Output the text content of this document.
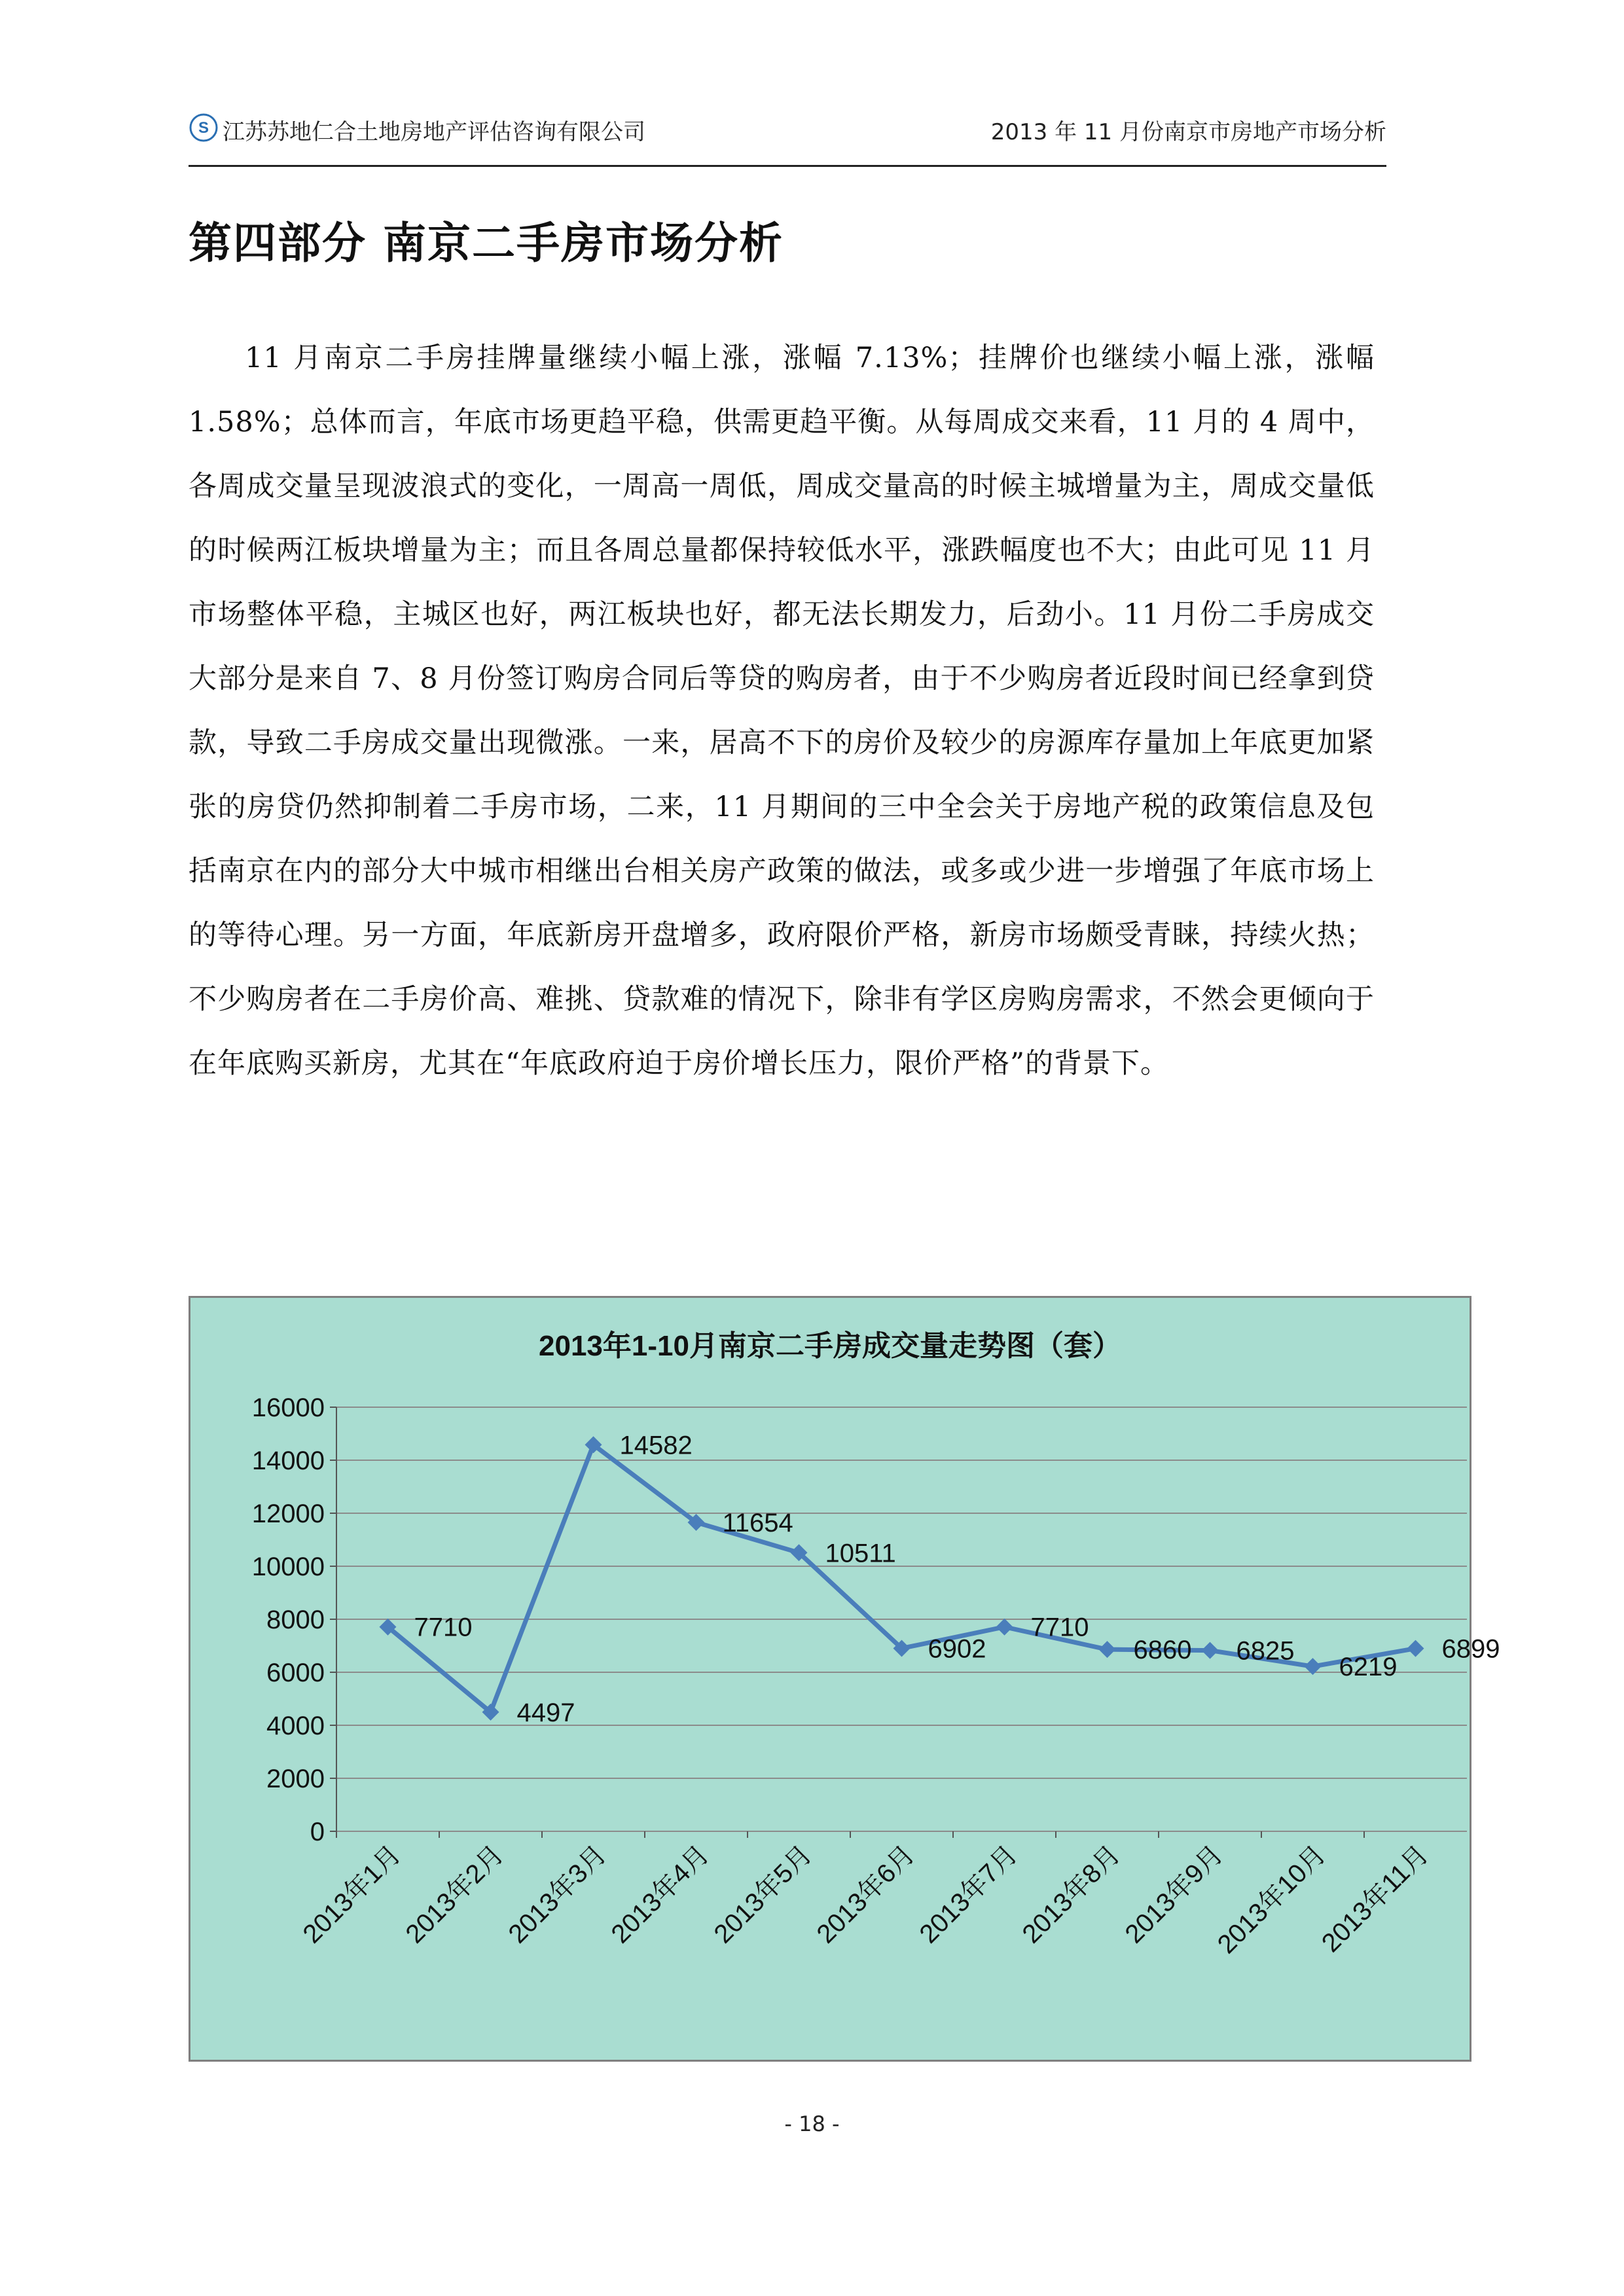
S 江苏苏地仁合土地房地产评估咨询有限公司	2013 年 11 月份南京市房地产市场分析
第四部分 南京二手房市场分析

11 月南京二手房挂牌量继续小幅上涨，涨幅 7.13%；挂牌价也继续小幅上涨，涨幅 1.58%；总体而言，年底市场更趋平稳，供需更趋平衡。从每周成交来看，11 月的 4 周中，各周成交量呈现波浪式的变化，一周高一周低，周成交量高的时候主城增量为主，周成交量低的时候两江板块增量为主；而且各周总量都保持较低水平，涨跌幅度也不大；由此可见 11 月市场整体平稳，主城区也好，两江板块也好，都无法长期发力，后劲小。11 月份二手房成交大部分是来自 7、8 月份签订购房合同后等贷的购房者，由于不少购房者近段时间已经拿到贷款，导致二手房成交量出现微涨。一来，居高不下的房价及较少的房源库存量加上年底更加紧张的房贷仍然抑制着二手房市场，二来，11 月期间的三中全会关于房地产税的政策信息及包括南京在内的部分大中城市相继出台相关房产政策的做法，或多或少进一步增强了年底市场上的等待心理。另一方面，年底新房开盘增多，政府限价严格，新房市场颇受青睐，持续火热；不少购房者在二手房价高、难挑、贷款难的情况下，除非有学区房购房需求，不然会更倾向于在年底购买新房，尤其在“年底政府迫于房价增长压力，限价严格”的背景下。

2013年1-10月南京二手房成交量走势图（套）
0
2000
4000
6000
8000
10000
12000
14000
16000
2013年1月
2013年2月
2013年3月
2013年4月
2013年5月
2013年6月
2013年7月
2013年8月
2013年9月
2013年10月
2013年11月
7710
4497
14582
11654
10511
6902
7710
6860 6825
6219
6899
- 18 -
